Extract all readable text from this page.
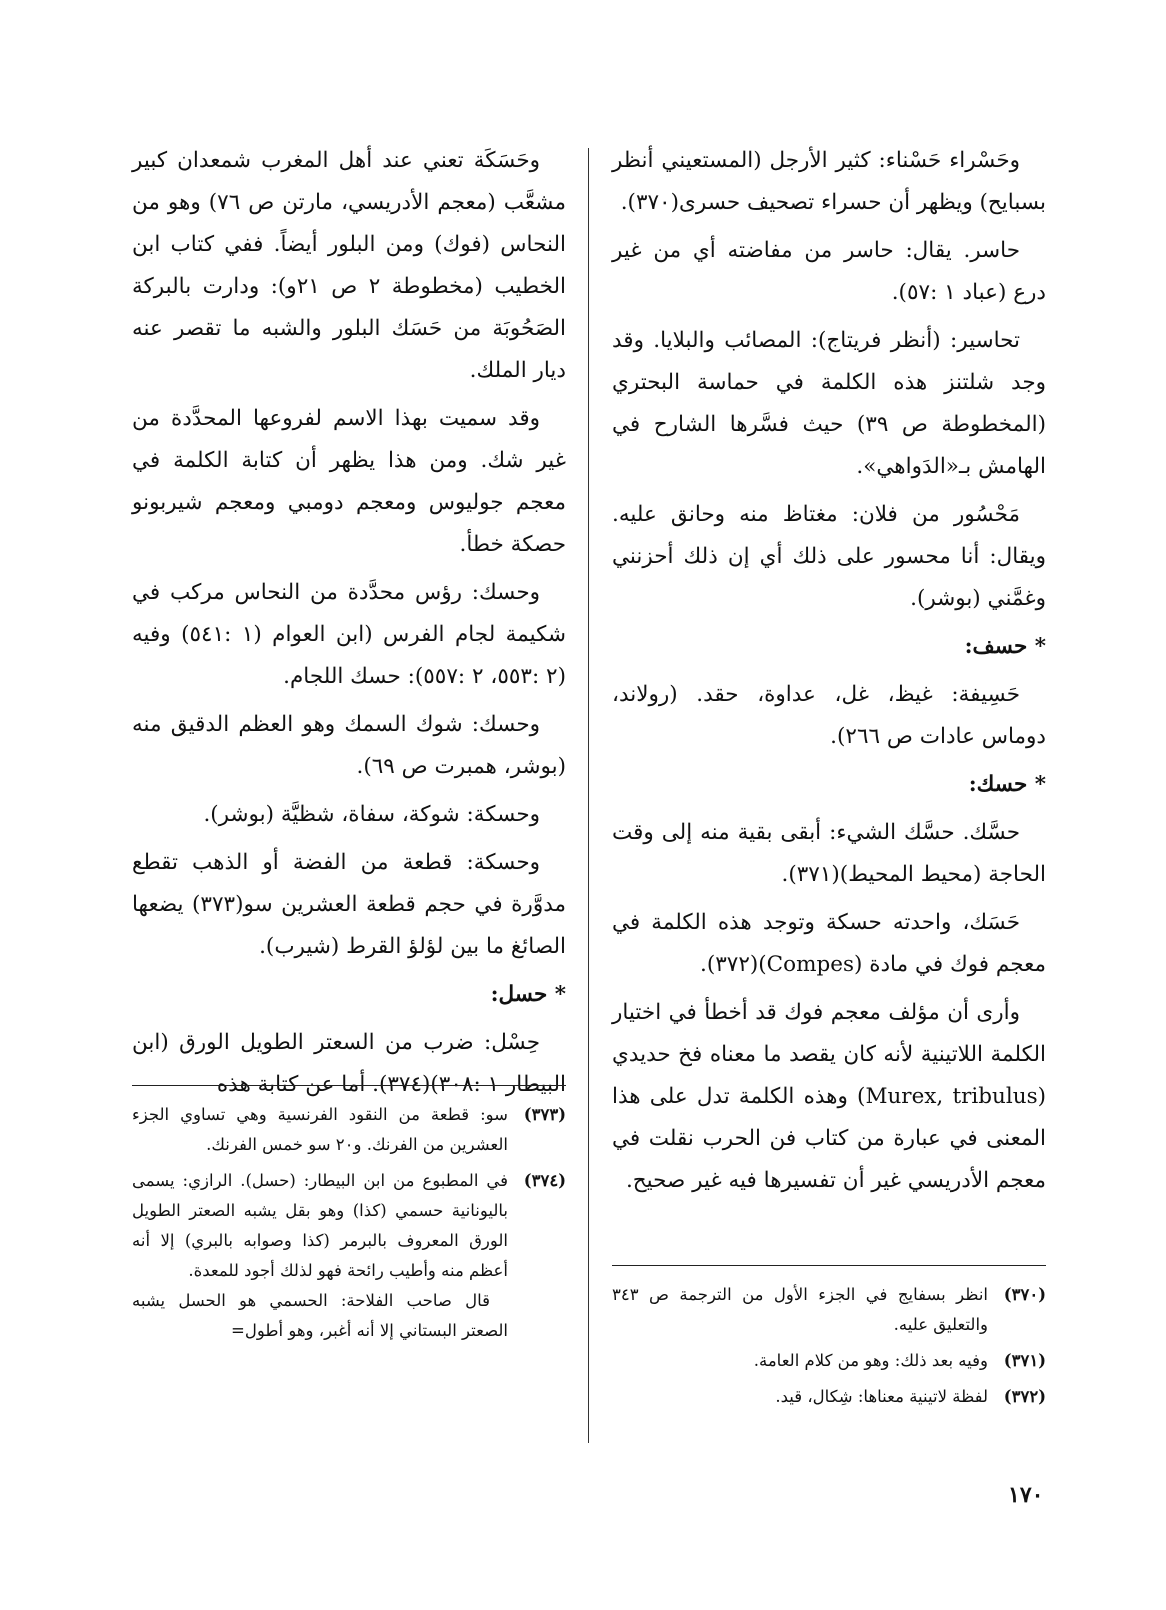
وحَسْراء حَسْناء: كثير الأرجل (المستعيني أنظر بسبايح) ويظهر أن حسراء تصحيف حسرى(٣٧٠).

حاسر. يقال: حاسر من مفاضته أي من غير درع (عباد ١ :٥٧).

تحاسير: (أنظر فريتاج): المصائب والبلايا. وقد وجد شلتنز هذه الكلمة في حماسة البحتري (المخطوطة ص ٣٩) حيث فسَّرها الشارح في الهامش بـ«الدَواهي».

مَحْسُور من فلان: مغتاظ منه وحانق عليه. ويقال: أنا محسور على ذلك أي إن ذلك أحزنني وغمَّني (بوشر).

* حسف:

حَسِيفة: غيظ، غل، عداوة، حقد. (رولاند، دوماس عادات ص ٢٦٦).

* حسك:

حسَّك. حسَّك الشيء: أبقى بقية منه إلى وقت الحاجة (محيط المحيط)(٣٧١).

حَسَك، واحدته حسكة وتوجد هذه الكلمة في معجم فوك في مادة (Compes)(٣٧٢).

وأرى أن مؤلف معجم فوك قد أخطأ في اختيار الكلمة اللاتينية لأنه كان يقصد ما معناه فخ حديدي (Murex, tribulus) وهذه الكلمة تدل على هذا المعنى في عبارة من كتاب فن الحرب نقلت في معجم الأدريسي غير أن تفسيرها فيه غير صحيح.

(٣٧٠)
انظر بسفايج في الجزء الأول من الترجمة ص ٣٤٣ والتعليق عليه.
(٣٧١)
وفيه بعد ذلك: وهو من كلام العامة.
(٣٧٢)
لفظة لاتينية معناها: شِكال، قيد.

وحَسَكَة تعني عند أهل المغرب شمعدان كبير مشعَّب (معجم الأدريسي، مارتن ص ٧٦) وهو من النحاس (فوك) ومن البلور أيضاً. ففي كتاب ابن الخطيب (مخطوطة ٢ ص ٢١و): ودارت بالبركة الصَحُوبَة من حَسَك البلور والشبه ما تقصر عنه ديار الملك.

وقد سميت بهذا الاسم لفروعها المحدَّدة من غير شك. ومن هذا يظهر أن كتابة الكلمة في معجم جوليوس ومعجم دومبي ومعجم شيربونو حصكة خطأ.

وحسك: رؤس محدَّدة من النحاس مركب في شكيمة لجام الفرس (ابن العوام (١ :٥٤١) وفيه (٢ :٥٥٣، ٢ :٥٥٧): حسك اللجام.

وحسك: شوك السمك وهو العظم الدقيق منه (بوشر، همبرت ص ٦٩).

وحسكة: شوكة، سفاة، شظيَّة (بوشر).

وحسكة: قطعة من الفضة أو الذهب تقطع مدوَّرة في حجم قطعة العشرين سو(٣٧٣) يضعها الصائغ ما بين لؤلؤ القرط (شيرب).

* حسل:

حِسْل: ضرب من السعتر الطويل الورق (ابن البيطار ١ :٣٠٨)(٣٧٤). أما عن كتابة هذه

(٣٧٣)
سو: قطعة من النقود الفرنسية وهي تساوي الجزء العشرين من الفرنك. و٢٠ سو خمس الفرنك.
(٣٧٤)
في المطبوع من ابن البيطار: (حسل). الرازي: يسمى باليونانية حسمي (كذا) وهو بقل يشبه الصعتر الطويل الورق المعروف بالبرمر (كذا وصوابه بالبري) إلا أنه أعظم منه وأطيب رائحة فهو لذلك أجود للمعدة.
قال صاحب الفلاحة: الحسمي هو الحسل يشبه الصعتر البستاني إلا أنه أغبر، وهو أطول=
١٧٠
